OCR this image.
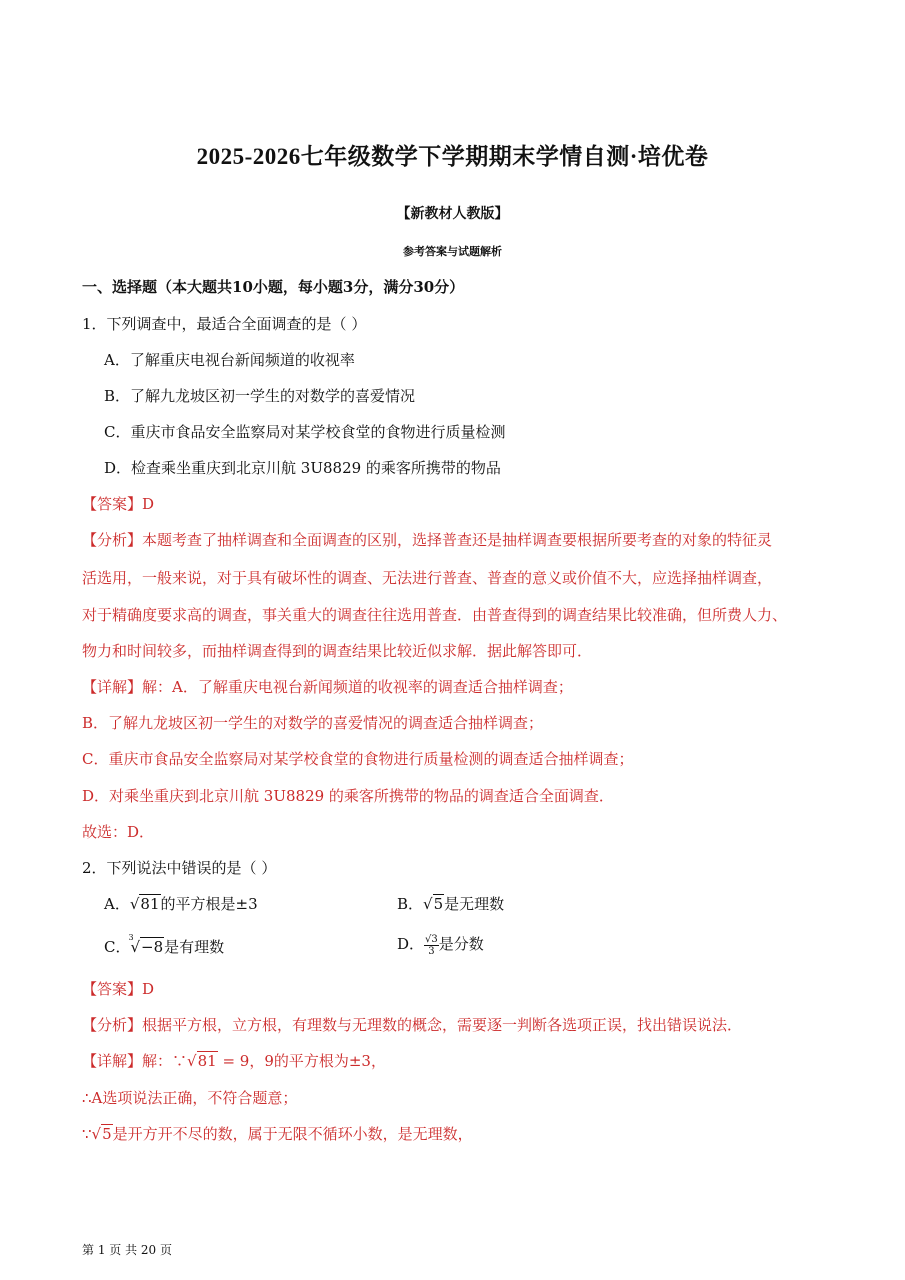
2025-2026七年级数学下学期期末学情自测·培优卷
【新教材人教版】
参考答案与试题解析
一、选择题（本大题共10小题，每小题3分，满分30分）
1．下列调查中，最适合全面调查的是（ ）
A．了解重庆电视台新闻频道的收视率
B．了解九龙坡区初一学生的对数学的喜爱情况
C．重庆市食品安全监察局对某学校食堂的食物进行质量检测
D．检查乘坐重庆到北京川航 3U8829 的乘客所携带的物品
【答案】D
【分析】本题考查了抽样调查和全面调查的区别，选择普查还是抽样调查要根据所要考查的对象的特征灵
活选用，一般来说，对于具有破坏性的调查、无法进行普查、普查的意义或价值不大，应选择抽样调查，
对于精确度要求高的调查，事关重大的调查往往选用普查．由普查得到的调查结果比较准确，但所费人力、
物力和时间较多，而抽样调查得到的调查结果比较近似求解．据此解答即可．
【详解】解：A．了解重庆电视台新闻频道的收视率的调查适合抽样调查；
B．了解九龙坡区初一学生的对数学的喜爱情况的调查适合抽样调查；
C．重庆市食品安全监察局对某学校食堂的食物进行质量检测的调查适合抽样调查；
D．对乘坐重庆到北京川航 3U8829 的乘客所携带的物品的调查适合全面调查．
故选：D．
2．下列说法中错误的是（ ）
A．√81的平方根是±3	B．√5是无理数
C．
3
√−8是有理数	D． $\frac{√3}{3}$ 是分数
【答案】D
【分析】根据平方根，立方根，有理数与无理数的概念，需要逐一判断各选项正误，找出错误说法．
【详解】解：∵√81 = 9，9的平方根为±3，
∴A选项说法正确，不符合题意；
∵√5是开方开不尽的数，属于无限不循环小数，是无理数，
第 1 页 共 20 页
